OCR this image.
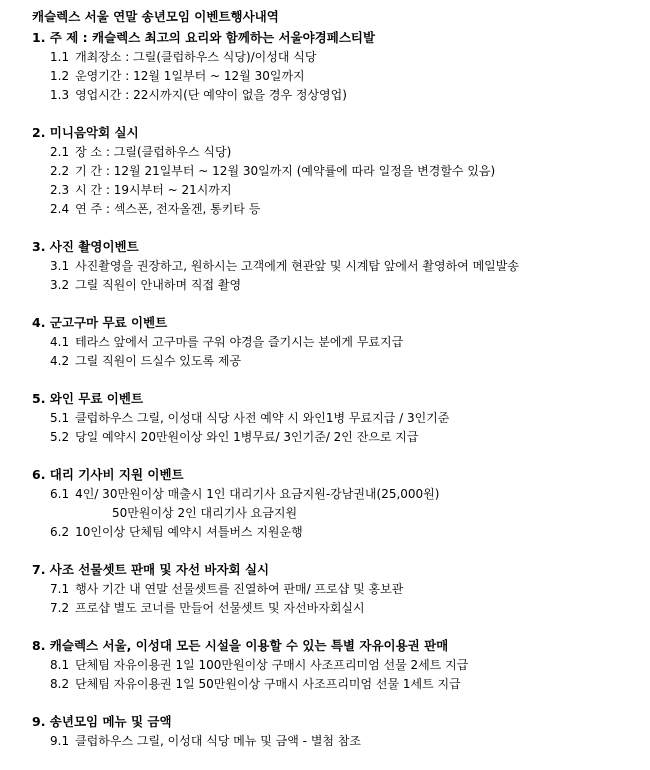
캐슬렉스 서울 연말 송년모임 이벤트행사내역
1. 주 제 : 캐슬렉스 최고의 요리와 함께하는 서울야경페스티발
1.1 개최장소 : 그릴(클럽하우스 식당)/이성대 식당
1.2 운영기간 : 12월 1일부터 ~ 12월 30일까지
1.3 영업시간 : 22시까지(단 예약이 없을 경우 정상영업)
2. 미니음악회 실시
2.1 장 소 : 그릴(클럽하우스 식당)
2.2 기 간 : 12월 21일부터 ~ 12월 30일까지 (예약률에 따라 일정을 변경할수 있음)
2.3 시 간 : 19시부터 ~ 21시까지
2.4 연 주 : 섹스폰, 전자올겐, 통키타 등
3. 사진 촬영이벤트
3.1 사진촬영을 권장하고, 원하시는 고객에게 현관앞 및 시계탑 앞에서 촬영하여 메일발송
3.2 그릴 직원이 안내하며 직접 촬영
4. 군고구마 무료 이벤트
4.1 테라스 앞에서 고구마를 구워 야경을 즐기시는 분에게 무료지급
4.2 그릴 직원이 드실수 있도록 제공
5. 와인 무료 이벤트
5.1 클럽하우스 그릴, 이성대 식당 사전 예약 시 와인1병 무료지급 / 3인기준
5.2 당일 예약시 20만원이상 와인 1병무료/ 3인기준/ 2인 잔으로 지급
6. 대리 기사비 지원 이벤트
6.1 4인/ 30만원이상 매출시 1인 대리기사 요금지원-강남권내(25,000원)
50만원이상 2인 대리기사 요금지원
6.2 10인이상 단체팀 예약시 셔틀버스 지원운행
7. 사조 선물셋트 판매 및 자선 바자회 실시
7.1 행사 기간 내 연말 선물셋트를 진열하여 판매/ 프로샵 및 홍보관
7.2 프로샵 별도 코너를 만들어 선물셋트 및 자선바자회실시
8. 캐슬렉스 서울, 이성대 모든 시설을 이용할 수 있는 특별 자유이용권 판매
8.1 단체팀 자유이용권 1일 100만원이상 구매시 사조프리미엄 선물 2세트 지급
8.2 단체팀 자유이용권 1일 50만원이상 구매시 사조프리미엄 선물 1세트 지급
9. 송년모임 메뉴 및 금액
9.1 클럽하우스 그릴, 이성대 식당 메뉴 및 금액 - 별첨 참조
